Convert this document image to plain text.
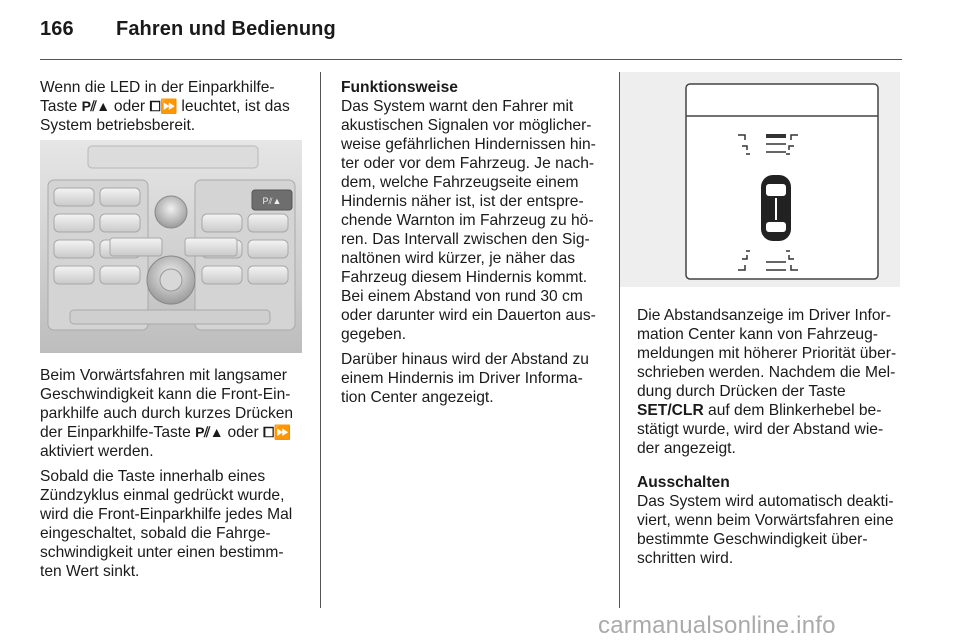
166 Fahren und Bedienung

Wenn die LED in der Einparkhilfe-

Taste P⫽▲ oder ⧠⏩ leuchtet, ist das

System betriebsbereit.

P⫽▲

Beim Vorwärtsfahren mit langsamer

Geschwindigkeit kann die Front-Ein-

parkhilfe auch durch kurzes Drücken

der Einparkhilfe-Taste P⫽▲ oder ⧠⏩

aktiviert werden.

Sobald die Taste innerhalb eines

Zündzyklus einmal gedrückt wurde,

wird die Front-Einparkhilfe jedes Mal

eingeschaltet, sobald die Fahrge-

schwindigkeit unter einen bestimm-

ten Wert sinkt.

Funktionsweise

Das System warnt den Fahrer mit

akustischen Signalen vor möglicher-

weise gefährlichen Hindernissen hin-

ter oder vor dem Fahrzeug. Je nach-

dem, welche Fahrzeugseite einem

Hindernis näher ist, ist der entspre-

chende Warnton im Fahrzeug zu hö-

ren. Das Intervall zwischen den Sig-

naltönen wird kürzer, je näher das

Fahrzeug diesem Hindernis kommt.

Bei einem Abstand von rund 30 cm

oder darunter wird ein Dauerton aus-

gegeben.

Darüber hinaus wird der Abstand zu

einem Hindernis im Driver Informa-

tion Center angezeigt.

Die Abstandsanzeige im Driver Infor-

mation Center kann von Fahrzeug-

meldungen mit höherer Priorität über-

schrieben werden. Nachdem die Mel-

dung durch Drücken der Taste

SET/CLR auf dem Blinkerhebel be-

stätigt wurde, wird der Abstand wie-

der angezeigt.

Ausschalten

Das System wird automatisch deakti-

viert, wenn beim Vorwärtsfahren eine

bestimmte Geschwindigkeit über-

schritten wird.

carmanualsonline.info
